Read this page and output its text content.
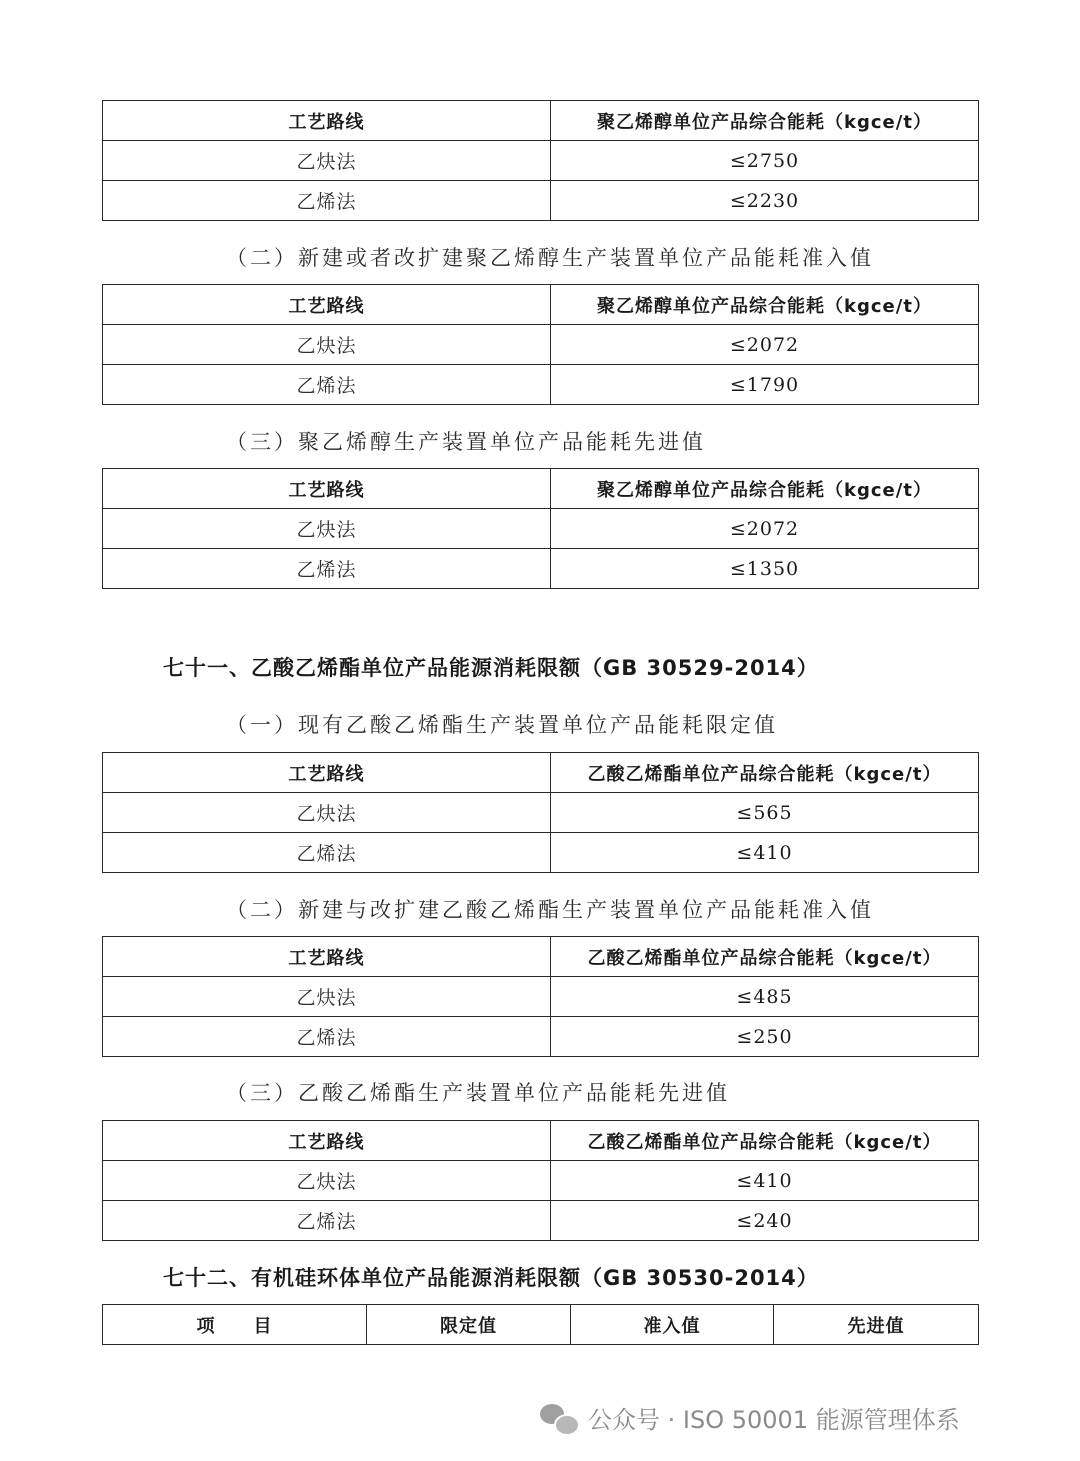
工艺路线	聚乙烯醇单位产品综合能耗（kgce/t）
乙炔法	≤2750
乙烯法	≤2230
（二）新建或者改扩建聚乙烯醇生产装置单位产品能耗准入值
工艺路线	聚乙烯醇单位产品综合能耗（kgce/t）
乙炔法	≤2072
乙烯法	≤1790
（三）聚乙烯醇生产装置单位产品能耗先进值
工艺路线	聚乙烯醇单位产品综合能耗（kgce/t）
乙炔法	≤2072
乙烯法	≤1350
七十一、乙酸乙烯酯单位产品能源消耗限额（GB 30529-2014）
（一）现有乙酸乙烯酯生产装置单位产品能耗限定值
工艺路线	乙酸乙烯酯单位产品综合能耗（kgce/t）
乙炔法	≤565
乙烯法	≤410
（二）新建与改扩建乙酸乙烯酯生产装置单位产品能耗准入值
工艺路线	乙酸乙烯酯单位产品综合能耗（kgce/t）
乙炔法	≤485
乙烯法	≤250
（三）乙酸乙烯酯生产装置单位产品能耗先进值
工艺路线	乙酸乙烯酯单位产品综合能耗（kgce/t）
乙炔法	≤410
乙烯法	≤240
七十二、有机硅环体单位产品能源消耗限额（GB 30530-2014）
项　　目	限定值	准入值	先进值
公众号 · ISO 50001 能源管理体系
